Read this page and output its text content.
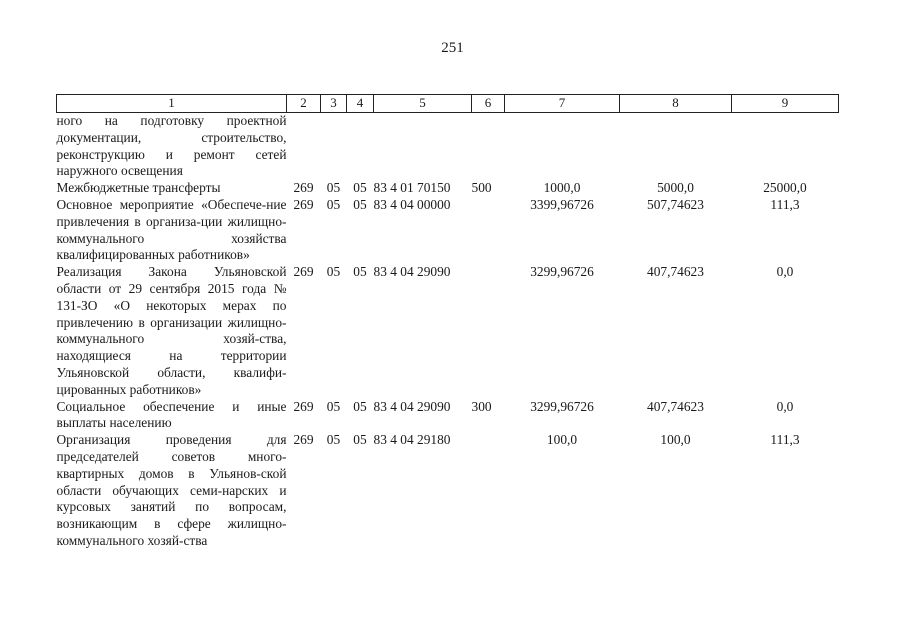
251
1	2	3	4	5	6	7	8	9
ного на подготовку проектной документации, строительство, реконструкцию и ремонт сетей наружного освещения								
Межбюджетные трансферты	269	05	05	83 4 01 70150	500	1000,0	5000,0	25000,0
Основное мероприятие «Обеспече-ние привлечения в организа-ции жилищно-коммунального хозяйства квалифицированных работников»	269	05	05	83 4 04 00000		3399,96726	507,74623	111,3
Реализация Закона Ульяновской области от 29 сентября 2015 года № 131-ЗО «О некоторых мерах по привлечению в организации жилищно-коммунального хозяй-ства, находящиеся на территории Ульяновской области, квалифи-цированных работников»	269	05	05	83 4 04 29090		3299,96726	407,74623	0,0
Социальное обеспечение и иные выплаты населению	269	05	05	83 4 04 29090	300	3299,96726	407,74623	0,0
Организация проведения для председателей советов много-квартирных домов в Ульянов-ской области обучающих семи-нарских и курсовых занятий по вопросам, возникающим в сфере жилищно-коммунального хозяй-ства	269	05	05	83 4 04 29180		100,0	100,0	111,3
